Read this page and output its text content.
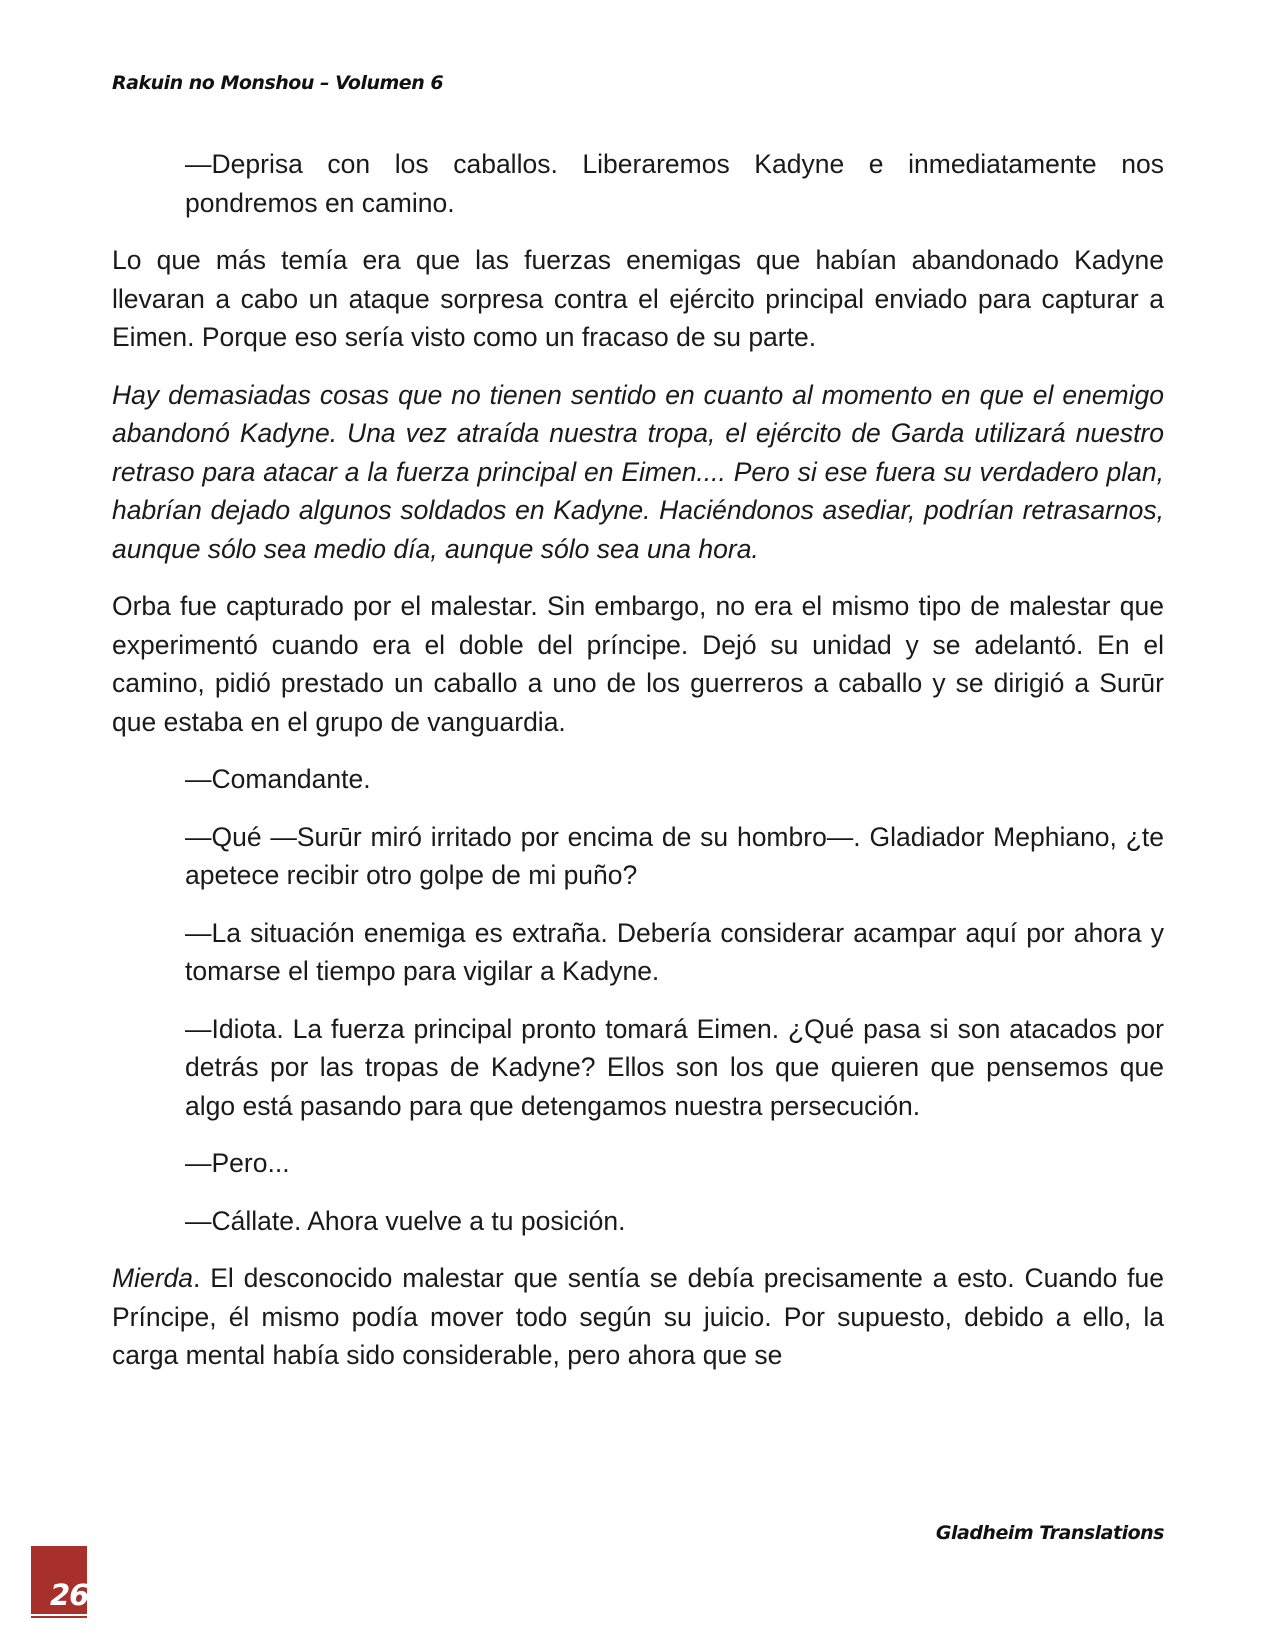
Rakuin no Monshou – Volumen 6

—Deprisa con los caballos. Liberaremos Kadyne e inmediatamente nos pondremos en camino.

Lo que más temía era que las fuerzas enemigas que habían abandonado Kadyne llevaran a cabo un ataque sorpresa contra el ejército principal enviado para capturar a Eimen. Porque eso sería visto como un fracaso de su parte.

Hay demasiadas cosas que no tienen sentido en cuanto al momento en que el enemigo abandonó Kadyne. Una vez atraída nuestra tropa, el ejército de Garda utilizará nuestro retraso para atacar a la fuerza principal en Eimen.... Pero si ese fuera su verdadero plan, habrían dejado algunos soldados en Kadyne. Haciéndonos asediar, podrían retrasarnos, aunque sólo sea medio día, aunque sólo sea una hora.

Orba fue capturado por el malestar. Sin embargo, no era el mismo tipo de malestar que experimentó cuando era el doble del príncipe. Dejó su unidad y se adelantó. En el camino, pidió prestado un caballo a uno de los guerreros a caballo y se dirigió a Surūr que estaba en el grupo de vanguardia.

—Comandante.

—Qué —Surūr miró irritado por encima de su hombro—. Gladiador Mephiano, ¿te apetece recibir otro golpe de mi puño?

—La situación enemiga es extraña. Debería considerar acampar aquí por ahora y tomarse el tiempo para vigilar a Kadyne.

—Idiota. La fuerza principal pronto tomará Eimen. ¿Qué pasa si son atacados por detrás por las tropas de Kadyne? Ellos son los que quieren que pensemos que algo está pasando para que detengamos nuestra persecución.

—Pero...

—Cállate. Ahora vuelve a tu posición.

Mierda. El desconocido malestar que sentía se debía precisamente a esto. Cuando fue Príncipe, él mismo podía mover todo según su juicio. Por supuesto, debido a ello, la carga mental había sido considerable, pero ahora que se

Gladheim Translations
26
